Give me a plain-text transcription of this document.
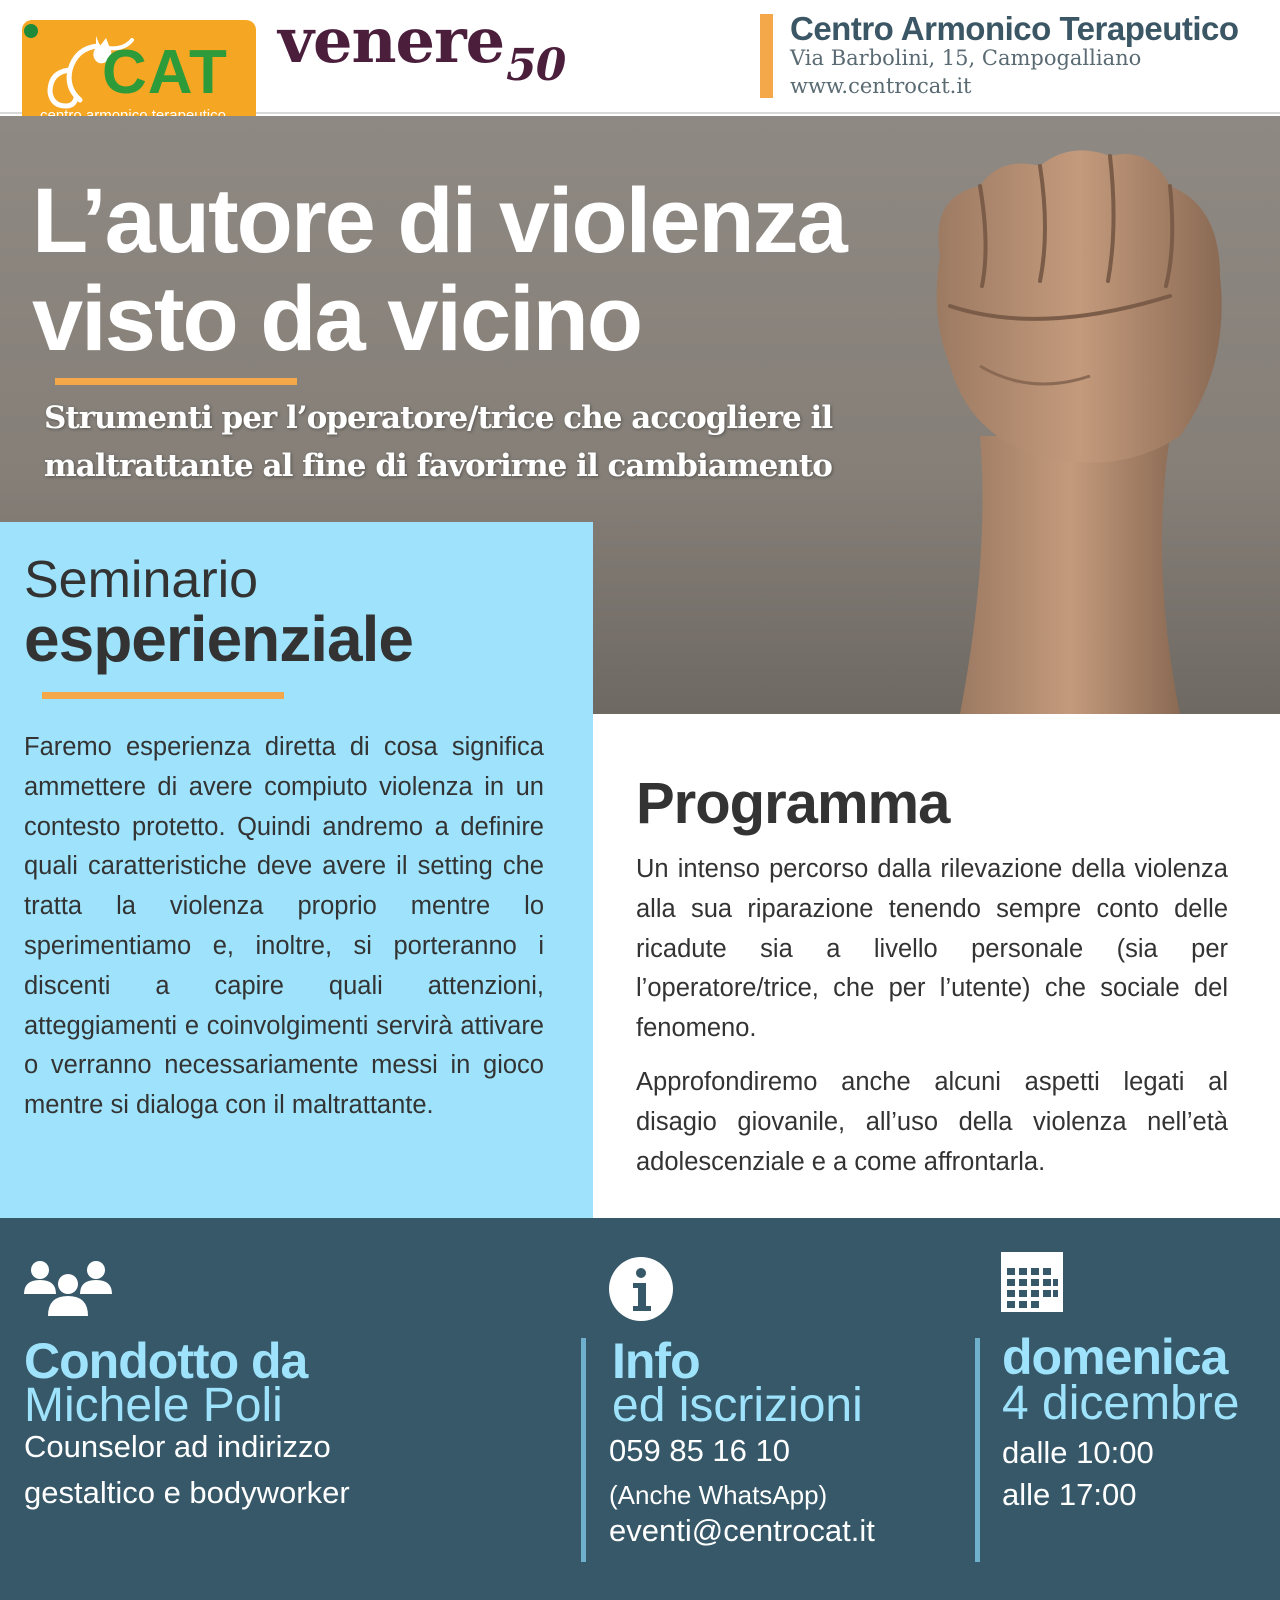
CAT venere$_{50}$
Centro Armonico Terapeutico
Via Barbolini, 15, Campogalliano
www.centrocat.it
L’autore di violenza
visto da vicino
Strumenti per l’operatore/trice che accogliere il
maltrattante al fine di favorirne il cambiamento
Seminario
esperienziale

Faremo esperienza diretta di cosa significa ammettere di avere compiuto violenza in un contesto protetto. Quindi andremo a definire quali caratteristiche deve avere il setting che tratta la violenza proprio mentre lo sperimentiamo e, inoltre, si porteranno i discenti a capire quali attenzioni, atteggiamenti e coinvolgimenti servirà attivare o verranno necessariamente messi in gioco mentre si dialoga con il maltrattante.

Programma

Un intenso percorso dalla rilevazione della violenza alla sua riparazione tenendo sempre conto delle ricadute sia a livello personale (sia per l’operatore/trice, che per l’utente) che sociale del fenomeno.

Approfondiremo anche alcuni aspetti legati al disagio giovanile, all’uso della violenza nell’età adolescenziale e a come affrontarla.

Condotto da
Michele Poli
Counselor ad indirizzo
gestaltico e bodyworker
Info
ed iscrizioni
059 85 16 10
(Anche WhatsApp)
eventi@centrocat.it
domenica
4 dicembre
dalle 10:00
alle 17:00
